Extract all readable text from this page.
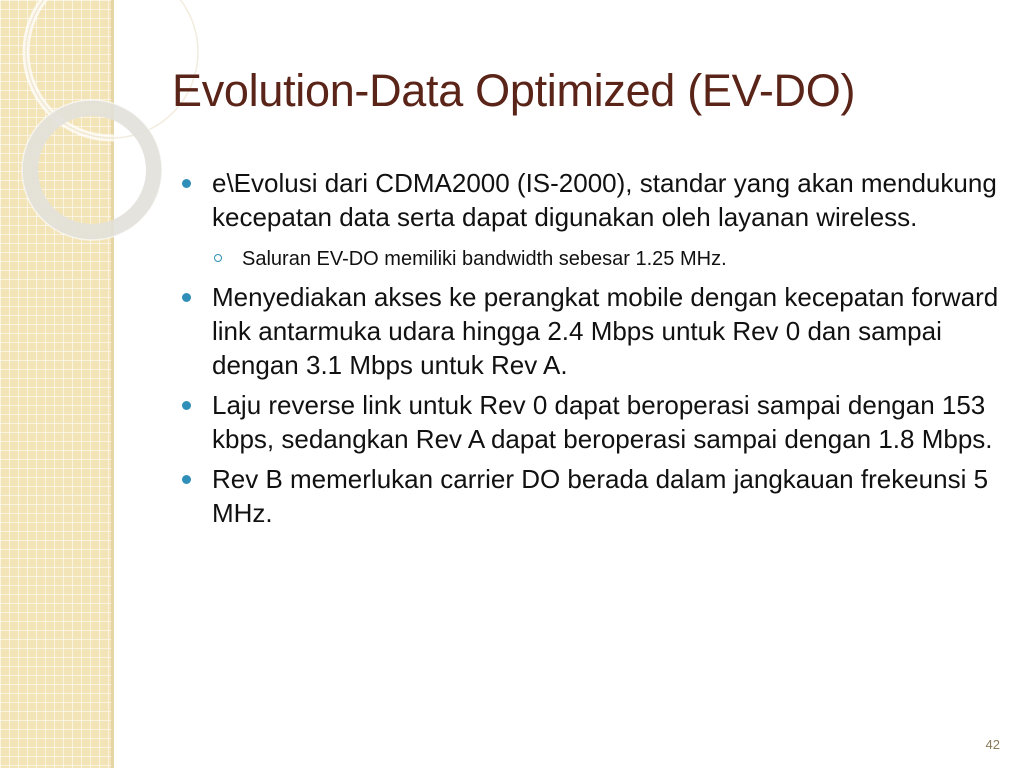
Evolution-Data Optimized (EV-DO)
e\Evolusi dari CDMA2000 (IS-2000), standar yang akan mendukung kecepatan data serta dapat digunakan oleh layanan wireless.
Saluran EV-DO memiliki bandwidth sebesar 1.25 MHz.
Menyediakan akses ke perangkat mobile dengan kecepatan forward link antarmuka udara hingga 2.4 Mbps untuk Rev 0 dan sampai dengan 3.1 Mbps untuk Rev A.
Laju reverse link untuk Rev 0 dapat beroperasi sampai dengan 153 kbps, sedangkan Rev A dapat beroperasi sampai dengan 1.8 Mbps.
Rev B memerlukan carrier DO berada dalam jangkauan frekeunsi 5 MHz.
42
